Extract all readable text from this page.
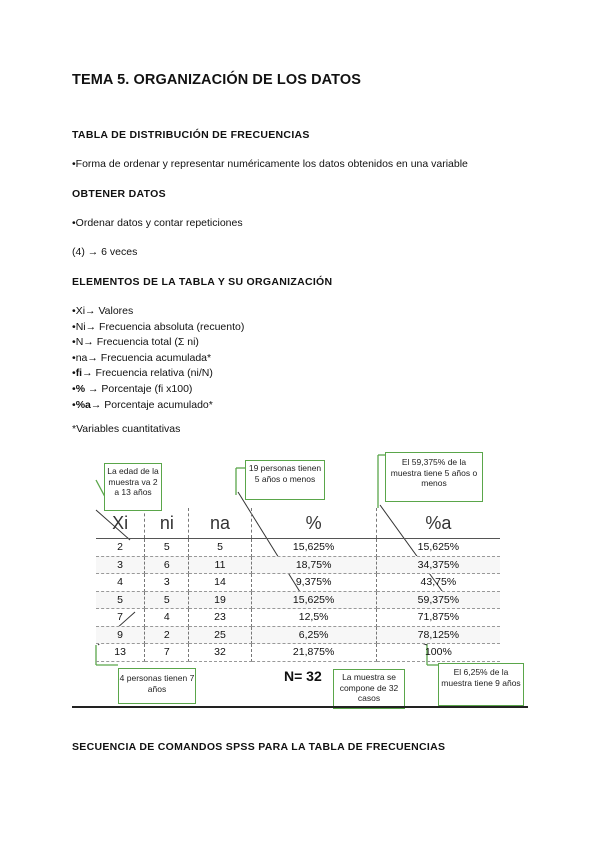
TEMA 5. ORGANIZACIÓN DE LOS DATOS
TABLA DE DISTRIBUCIÓN DE FRECUENCIAS
•Forma de ordenar y representar numéricamente los datos obtenidos en una variable
OBTENER DATOS
•Ordenar datos y contar repeticiones
(4) → 6 veces
ELEMENTOS DE LA TABLA Y SU ORGANIZACIÓN
•Xi→ Valores
•Ni→ Frecuencia absoluta (recuento)
•N→ Frecuencia total (Σ ni)
•na→ Frecuencia acumulada*
•fi→ Frecuencia relativa (ni/N)
•% → Porcentaje (fi x100)
•%a→ Porcentaje acumulado*
*Variables cuantitativas
Xi	ni	na	%	%a
2	5	5	15,625%	15,625%
3	6	11	18,75%	34,375%
4	3	14	9,375%	43,75%
5	5	19	15,625%	59,375%
7	4	23	12,5%	71,875%
9	2	25	6,25%	78,125%
13	7	32	21,875%	100%
La edad de la muestra va 2 a 13 años
19 personas tienen 5 años o menos
El 59,375% de la muestra tiene 5 años o menos
4 personas tienen 7 años
La muestra se compone de 32 casos
El 6,25% de la muestra tiene 9 años
N= 32
SECUENCIA DE COMANDOS SPSS PARA LA TABLA DE FRECUENCIAS
